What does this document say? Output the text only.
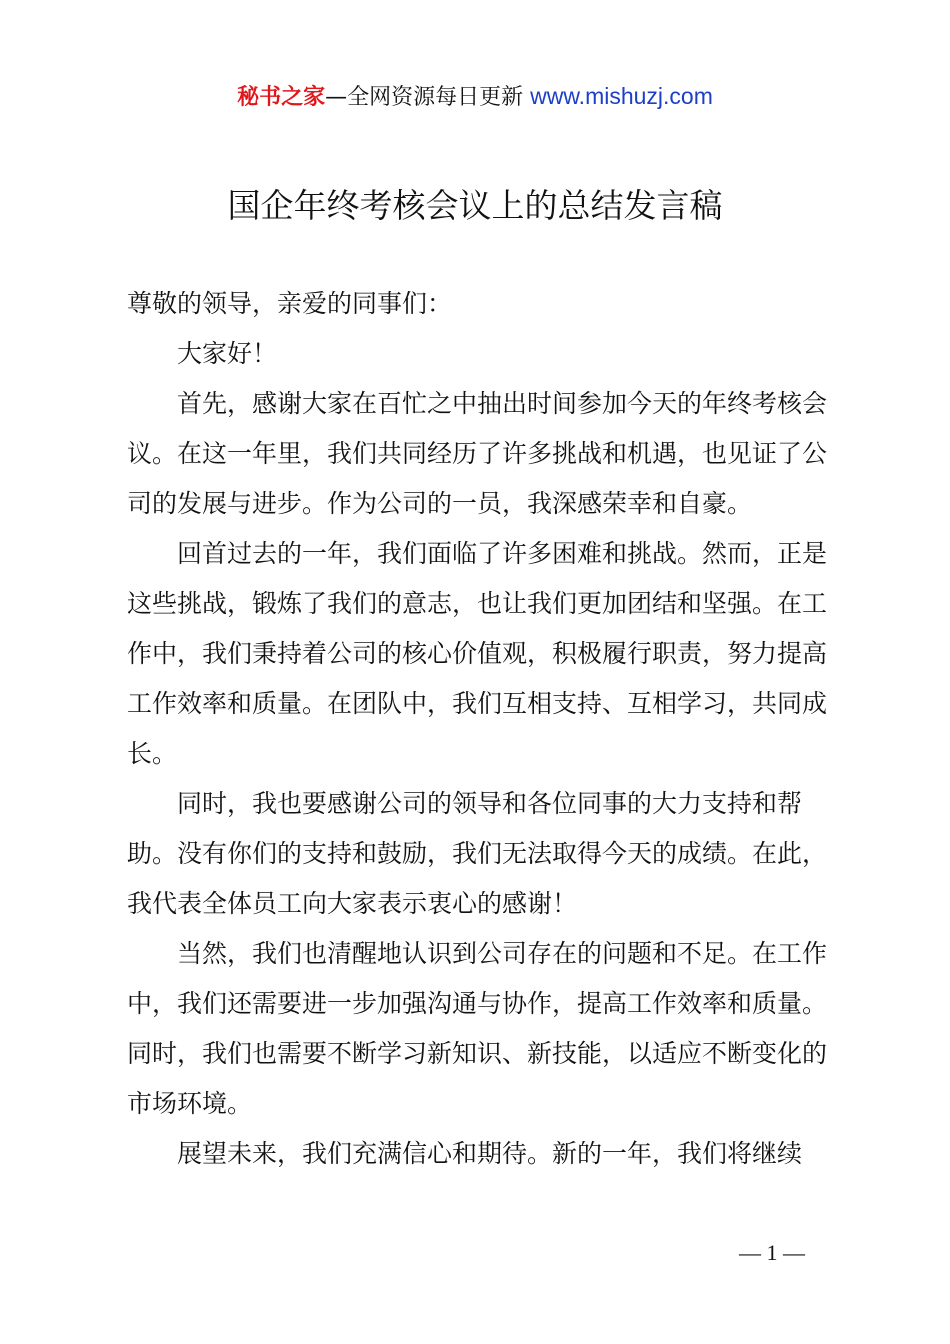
秘书之家—全网资源每日更新 www.mishuzj.com
国企年终考核会议上的总结发言稿

尊敬的领导，亲爱的同事们：

大家好！

首先，感谢大家在百忙之中抽出时间参加今天的年终考核会议。在这一年里，我们共同经历了许多挑战和机遇，也见证了公司的发展与进步。作为公司的一员，我深感荣幸和自豪。

回首过去的一年，我们面临了许多困难和挑战。然而，正是这些挑战，锻炼了我们的意志，也让我们更加团结和坚强。在工作中，我们秉持着公司的核心价值观，积极履行职责，努力提高工作效率和质量。在团队中，我们互相支持、互相学习，共同成长。

同时，我也要感谢公司的领导和各位同事的大力支持和帮助。没有你们的支持和鼓励，我们无法取得今天的成绩。在此，我代表全体员工向大家表示衷心的感谢！

当然，我们也清醒地认识到公司存在的问题和不足。在工作中，我们还需要进一步加强沟通与协作，提高工作效率和质量。同时，我们也需要不断学习新知识、新技能，以适应不断变化的市场环境。

展望未来，我们充满信心和期待。新的一年，我们将继续

— 1 —
